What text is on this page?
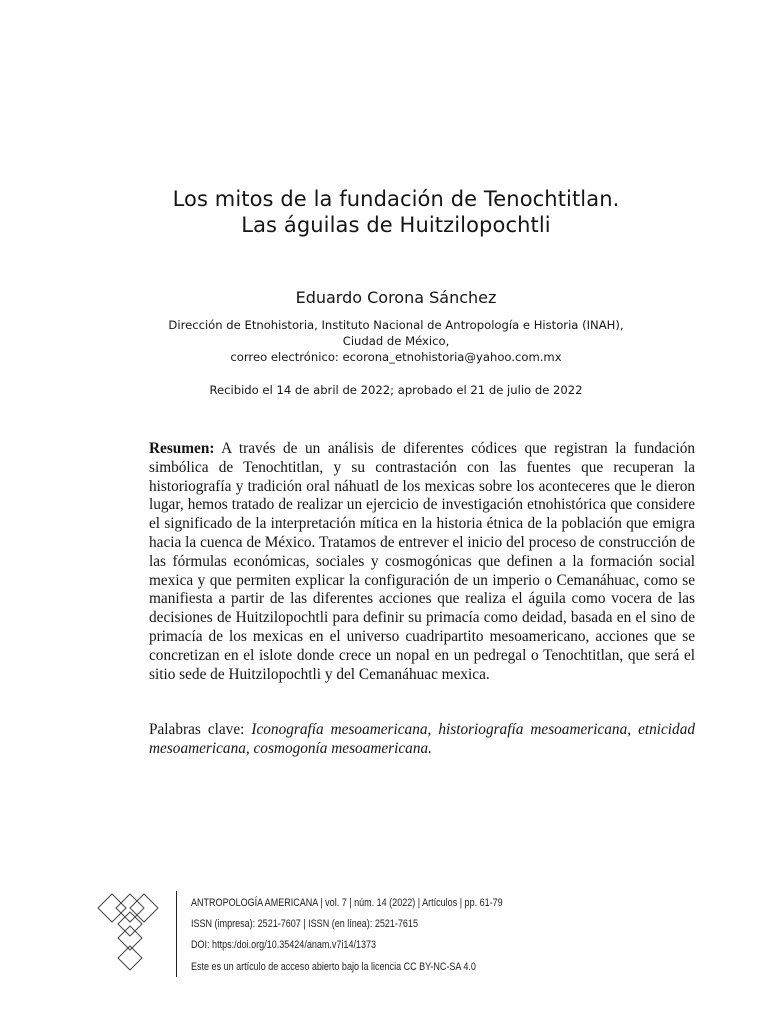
Los mitos de la fundación de Tenochtitlan.
Las águilas de Huitzilopochtli
Eduardo Corona Sánchez
Dirección de Etnohistoria, Instituto Nacional de Antropología e Historia (INAH),
Ciudad de México,
correo electrónico: ecorona_etnohistoria@yahoo.com.mx
Recibido el 14 de abril de 2022; aprobado el 21 de julio de 2022
Resumen: A través de un análisis de diferentes códices que registran la fundación simbólica de Tenochtitlan, y su contrastación con las fuentes que recuperan la historiografía y tradición oral náhuatl de los mexicas sobre los aconteceres que le dieron lugar, hemos tratado de realizar un ejercicio de investigación etnohistórica que considere el significado de la interpretación mítica en la historia étnica de la población que emigra hacia la cuenca de México. Tratamos de entrever el inicio del proceso de construcción de las fórmulas económicas, sociales y cosmogónicas que definen a la formación social mexica y que permiten explicar la configuración de un imperio o Cemanáhuac, como se manifiesta a partir de las diferentes acciones que realiza el águila como vocera de las decisiones de Huitzilopochtli para definir su primacía como deidad, basada en el sino de primacía de los mexicas en el universo cuadripartito mesoamericano, acciones que se concretizan en el islote donde crece un nopal en un pedregal o Tenochtitlan, que será el sitio sede de Huitzilopochtli y del Cemanáhuac mexica.
Palabras clave: Iconografía mesoamericana, historiografía mesoamericana, etnicidad mesoamericana, cosmogonía mesoamericana.
ANTROPOLOGÍA AMERICANA | vol. 7 | núm. 14 (2022) | Artículos | pp. 61-79
ISSN (impresa): 2521-7607 | ISSN (en línea): 2521-7615
DOI: https:/doi.org/10.35424/anam.v7i14/1373
Este es un artículo de acceso abierto bajo la licencia CC BY-NC-SA 4.0
